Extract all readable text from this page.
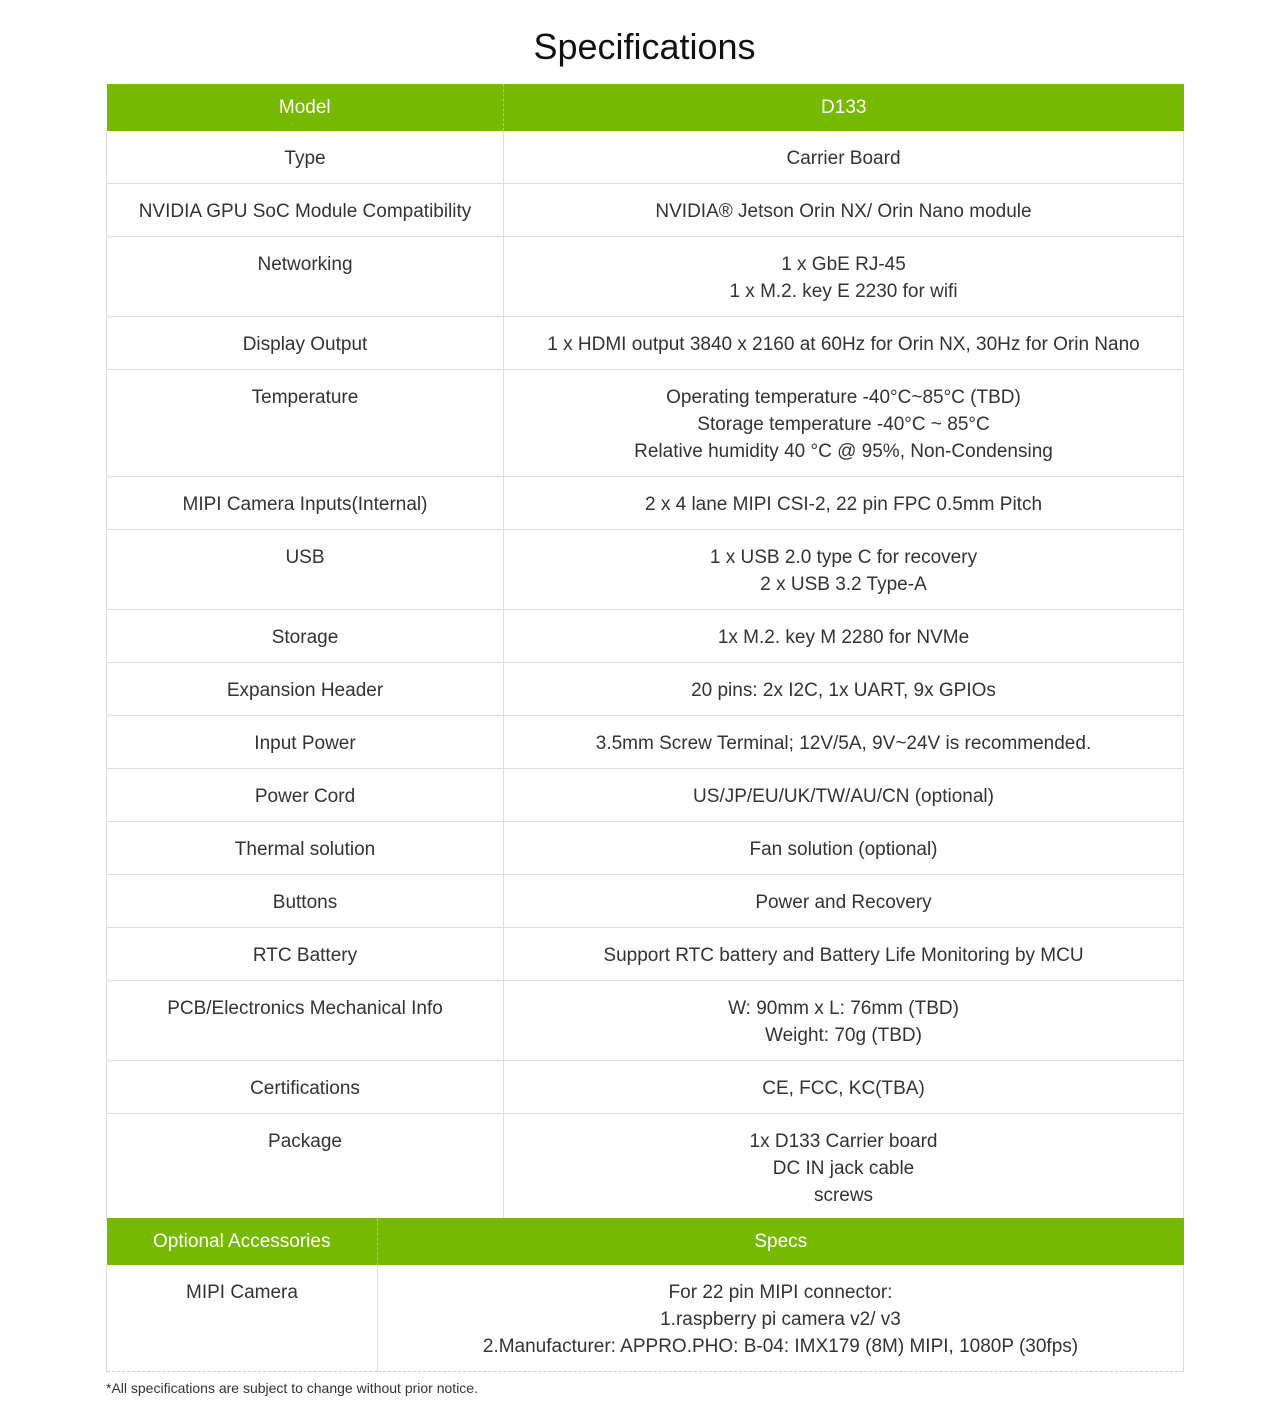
Specifications
Model	D133
Type	Carrier Board

NVIDIA GPU SoC Module Compatibility	NVIDIA® Jetson Orin NX/ Orin Nano module

Networking	1 x GbE RJ-45
1 x M.2. key E 2230 for wifi

Display Output	1 x HDMI output 3840 x 2160 at 60Hz for Orin NX, 30Hz for Orin Nano

Temperature	Operating temperature -40°C~85°C (TBD)
Storage temperature -40°C ~ 85°C
Relative humidity 40 °C @ 95%, Non-Condensing

MIPI Camera Inputs(Internal)	2 x 4 lane MIPI CSI-2, 22 pin FPC 0.5mm Pitch

USB	1 x USB 2.0 type C for recovery
2 x USB 3.2 Type-A

Storage	1x M.2. key M 2280 for NVMe

Expansion Header	20 pins: 2x I2C, 1x UART, 9x GPIOs

Input Power	3.5mm Screw Terminal; 12V/5A, 9V~24V is recommended.

Power Cord	US/JP/EU/UK/TW/AU/CN (optional)

Thermal solution	Fan solution (optional)

Buttons	Power and Recovery

RTC Battery	Support RTC battery and Battery Life Monitoring by MCU

PCB/Electronics Mechanical Info	W: 90mm x L: 76mm (TBD)
Weight: 70g (TBD)

Certifications	CE, FCC, KC(TBA)

Package	1x D133 Carrier board
DC IN jack cable
screws
Optional Accessories	Specs
MIPI Camera	For 22 pin MIPI connector:
1.raspberry pi camera v2/ v3
2.Manufacturer: APPRO.PHO: B-04: IMX179 (8M) MIPI, 1080P (30fps)
*All specifications are subject to change without prior notice.
